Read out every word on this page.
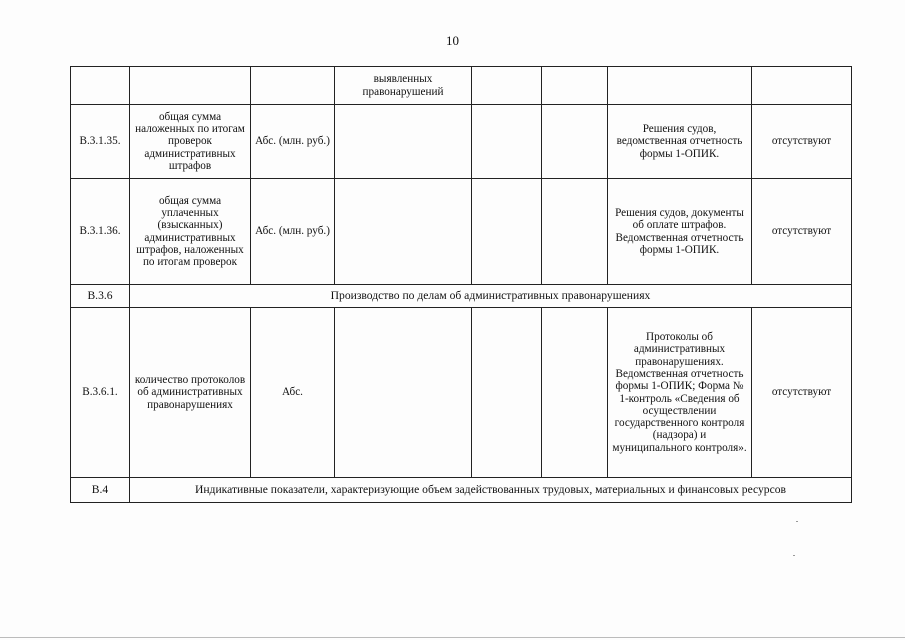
10
			выявленных правонарушений				
В.3.1.35.	общая сумма наложенных по итогам проверок административных штрафов	Абс. (млн. руб.)				Решения судов, ведомственная отчетность формы 1-ОПИК.	отсутствуют
В.3.1.36.	общая сумма уплаченных (взысканных) административных штрафов, наложенных по итогам проверок	Абс. (млн. руб.)				Решения судов, документы об оплате штрафов. Ведомственная отчетность формы 1-ОПИК.	отсутствуют
В.3.6	Производство по делам об административных правонарушениях						
В.3.6.1.	количество протоколов об административных правонарушениях	Абс.				Протоколы об административных правонарушениях. Ведомственная отчетность формы 1-ОПИК; Форма № 1-контроль «Сведения об осуществлении государственного контроля (надзора) и муниципального контроля».	отсутствуют
В.4	Индикативные показатели, характеризующие объем задействованных трудовых, материальных и финансовых ресурсов						
